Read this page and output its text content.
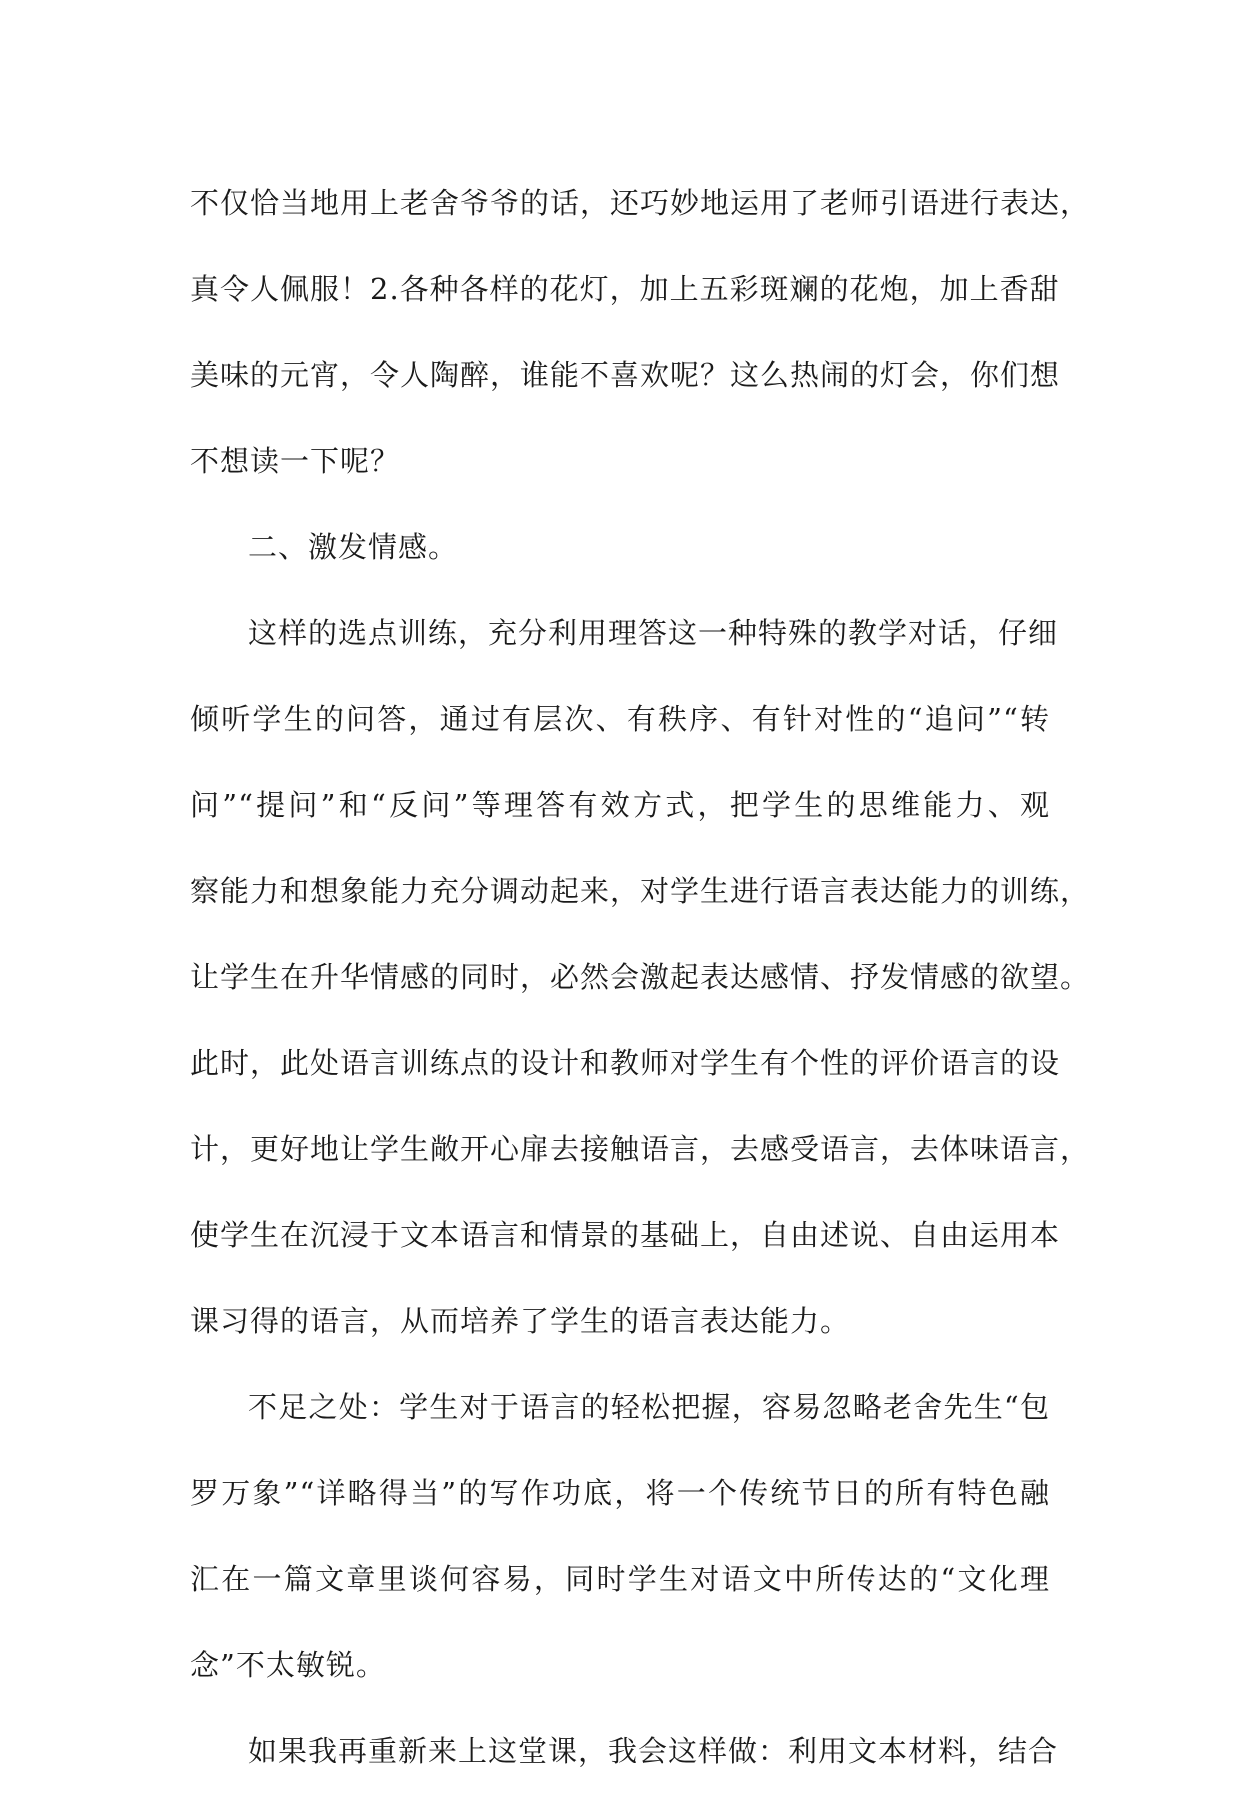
不仅恰当地用上老舍爷爷的话，还巧妙地运用了老师引语进行表达，
真令人佩服！2.各种各样的花灯，加上五彩斑斓的花炮，加上香甜
美味的元宵，令人陶醉，谁能不喜欢呢？这么热闹的灯会，你们想
不想读一下呢？
二、激发情感。
这样的选点训练，充分利用理答这一种特殊的教学对话，仔细
倾听学生的问答，通过有层次、有秩序、有针对性的“追问”“转
问”“提问”和“反问”等理答有效方式，把学生的思维能力、观
察能力和想象能力充分调动起来，对学生进行语言表达能力的训练，
让学生在升华情感的同时，必然会激起表达感情、抒发情感的欲望。
此时，此处语言训练点的设计和教师对学生有个性的评价语言的设
计，更好地让学生敞开心扉去接触语言，去感受语言，去体味语言，
使学生在沉浸于文本语言和情景的基础上，自由述说、自由运用本
课习得的语言，从而培养了学生的语言表达能力。
不足之处：学生对于语言的轻松把握，容易忽略老舍先生“包
罗万象”“详略得当”的写作功底，将一个传统节日的所有特色融
汇在一篇文章里谈何容易，同时学生对语文中所传达的“文化理
念”不太敏锐。
如果我再重新来上这堂课，我会这样做：利用文本材料，结合
